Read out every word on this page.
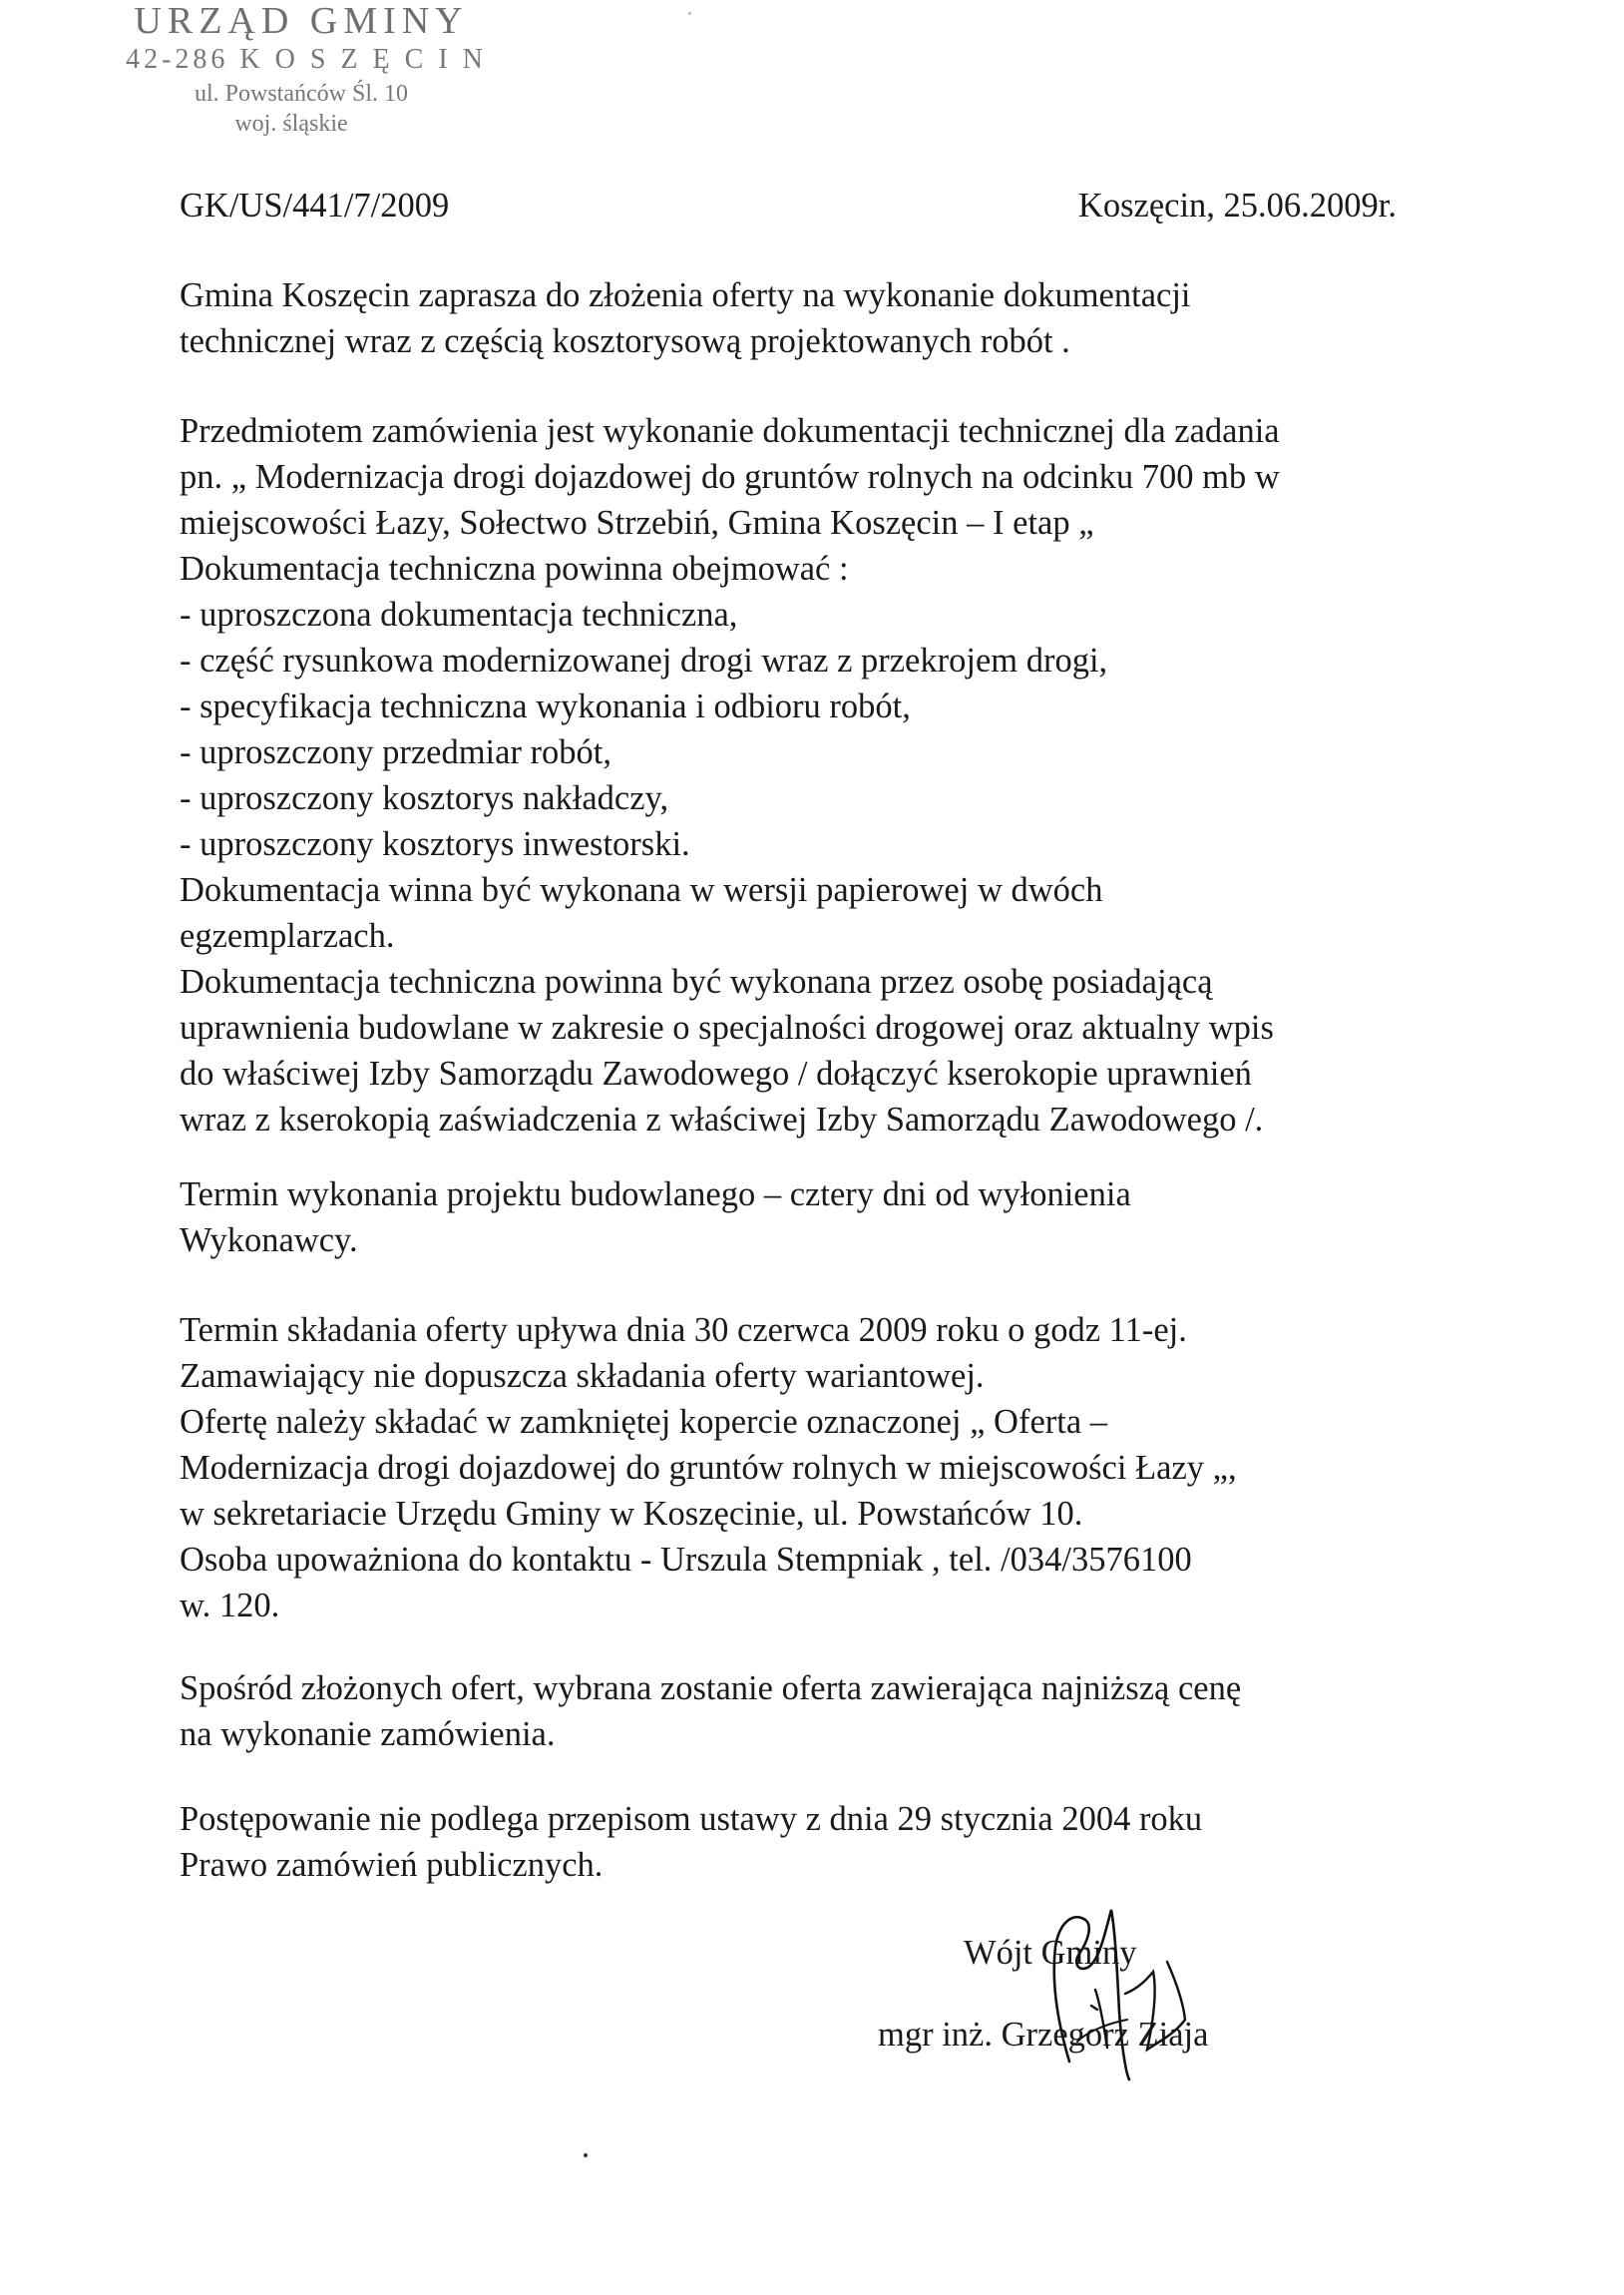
URZĄD GMINY
42-286 K O S Z Ę C I N
ul. Powstańców Śl. 10
woj. śląskie
GK/US/441/7/2009	Koszęcin, 25.06.2009r.
Gmina Koszęcin zaprasza do złożenia oferty na wykonanie dokumentacji
technicznej wraz z częścią kosztorysową projektowanych robót .
Przedmiotem zamówienia jest wykonanie dokumentacji technicznej dla zadania
pn. „ Modernizacja drogi dojazdowej do gruntów rolnych na odcinku 700 mb w
miejscowości Łazy, Sołectwo Strzebiń, Gmina Koszęcin – I etap „
Dokumentacja techniczna powinna obejmować :
- uproszczona dokumentacja techniczna,
- część rysunkowa modernizowanej drogi wraz z przekrojem drogi,
- specyfikacja techniczna wykonania i odbioru robót,
- uproszczony przedmiar robót,
- uproszczony kosztorys nakładczy,
- uproszczony kosztorys inwestorski.
Dokumentacja winna być wykonana w wersji papierowej w dwóch
egzemplarzach.
Dokumentacja techniczna powinna być wykonana przez osobę posiadającą
uprawnienia budowlane w zakresie o specjalności drogowej oraz aktualny wpis
do właściwej Izby Samorządu Zawodowego / dołączyć kserokopie uprawnień
wraz z kserokopią zaświadczenia z właściwej Izby Samorządu Zawodowego /.
Termin wykonania projektu budowlanego – cztery dni od wyłonienia
Wykonawcy.
Termin składania oferty upływa dnia 30 czerwca 2009 roku o godz 11-ej.
Zamawiający nie dopuszcza składania oferty wariantowej.
Ofertę należy składać w zamkniętej kopercie oznaczonej „ Oferta –
Modernizacja drogi dojazdowej do gruntów rolnych w miejscowości Łazy „,
w sekretariacie Urzędu Gminy w Koszęcinie, ul. Powstańców 10.
Osoba upoważniona do kontaktu - Urszula Stempniak , tel. /034/3576100
w. 120.
Spośród złożonych ofert, wybrana zostanie oferta zawierająca najniższą cenę
na wykonanie zamówienia.
Postępowanie nie podlega przepisom ustawy z dnia 29 stycznia 2004 roku
Prawo zamówień publicznych.
Wójt Gminy
mgr inż. Grzegorz Ziaja
